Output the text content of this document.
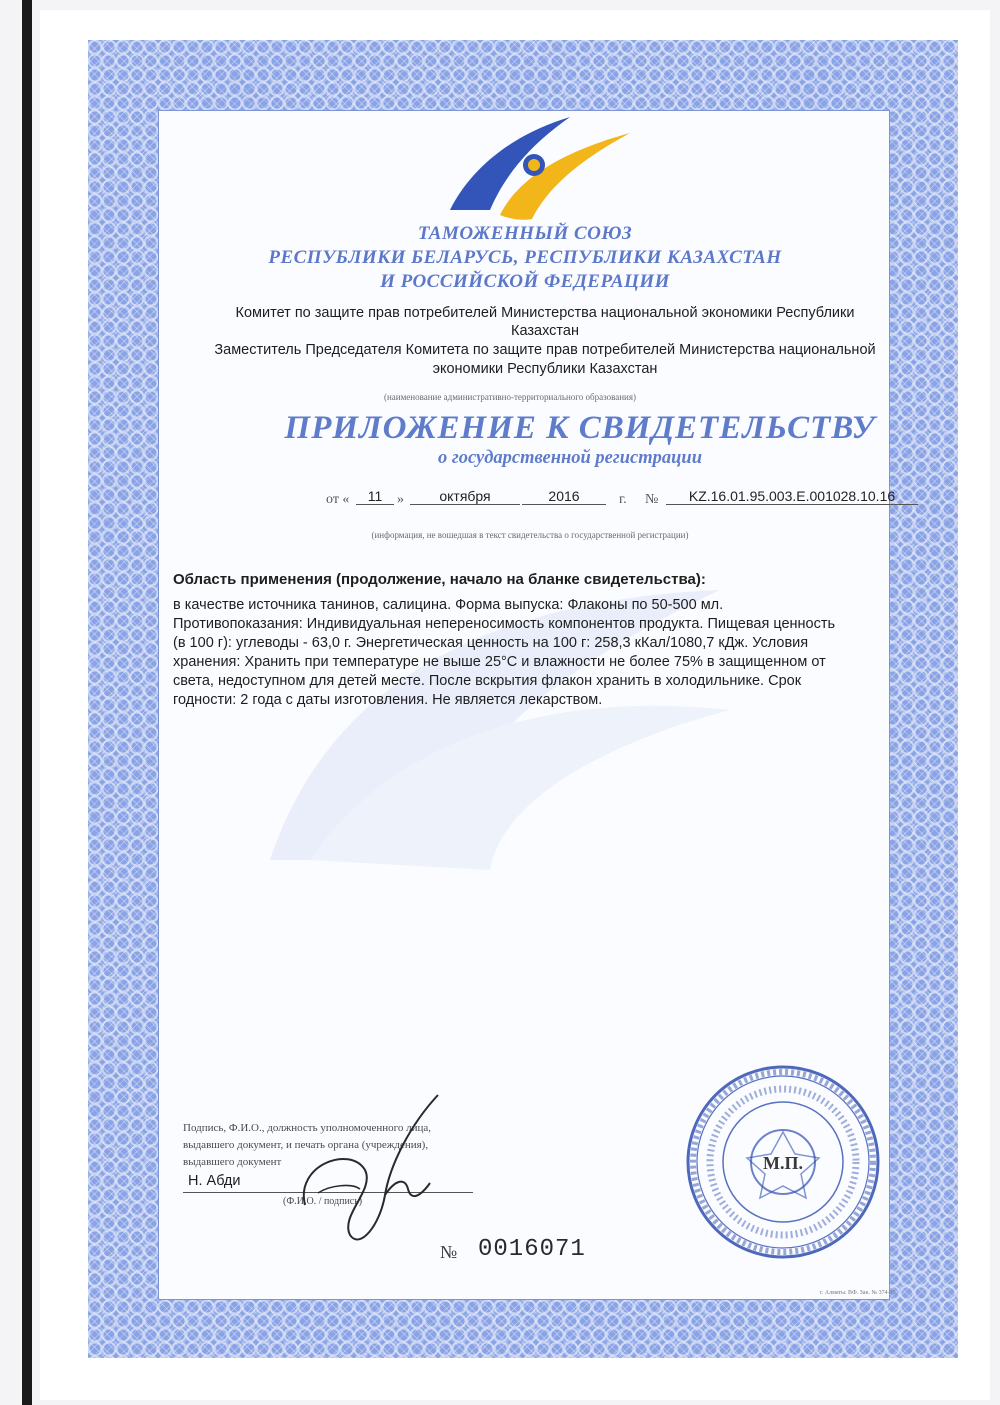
ТАМОЖЕННЫЙ СОЮЗ
РЕСПУБЛИКИ БЕЛАРУСЬ, РЕСПУБЛИКИ КАЗАХСТАН
И РОССИЙСКОЙ ФЕДЕРАЦИИ
Комитет по защите прав потребителей Министерства национальной экономики Республики
Казахстан
Заместитель Председателя Комитета по защите прав потребителей Министерства национальной
экономики Республики Казахстан
(наименование административно-территориального образования)
ПРИЛОЖЕНИЕ К СВИДЕТЕЛЬСТВУ
о государственной регистрации
от «	11	»	октября	2016	г. №	KZ.16.01.95.003.E.001028.10.16
(информация, не вошедшая в текст свидетельства о государственной регистрации)
Область применения (продолжение, начало на бланке свидетельства):
в качестве источника танинов, салицина. Форма выпуска: Флаконы по 50-500 мл.
Противопоказания: Индивидуальная непереносимость компонентов продукта. Пищевая ценность
(в 100 г): углеводы - 63,0 г. Энергетическая ценность на 100 г: 258,3 кКал/1080,7 кДж. Условия
хранения: Хранить при температуре не выше 25°C и влажности не более 75% в защищенном от
света, недоступном для детей месте. После вскрытия флакон хранить в холодильнике. Срок
годности: 2 года с даты изготовления. Не является лекарством.
Подпись, Ф.И.О., должность уполномоченного лица,
выдавшего документ, и печать органа (учреждения),
выдавшего документ
Н. Абди
(Ф.И.О. / подпись)
№ 0016071
М.П.
г. Алматы. ВФ. Зак. № 374-15
